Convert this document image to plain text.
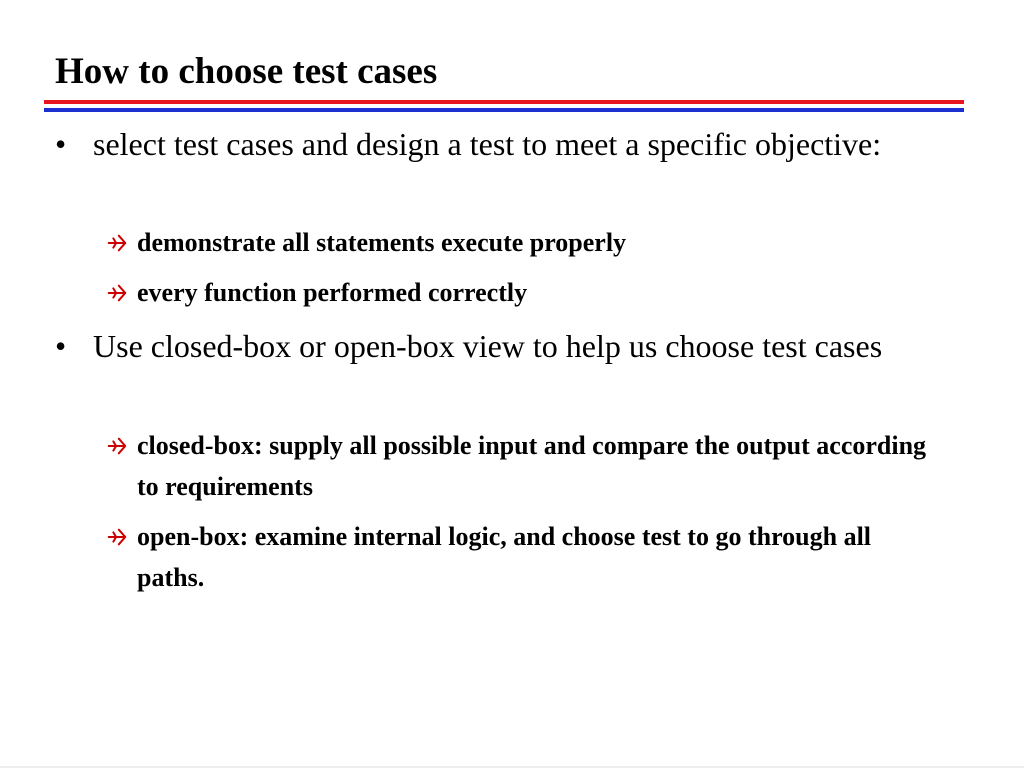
How to choose test cases
• select test cases and design a test to meet a specific objective:
demonstrate all statements execute properly
every function performed correctly
• Use closed-box or open-box view to help us choose test cases
closed-box: supply all possible input and compare the output according to requirements
open-box: examine internal logic, and choose test to go through all paths.
